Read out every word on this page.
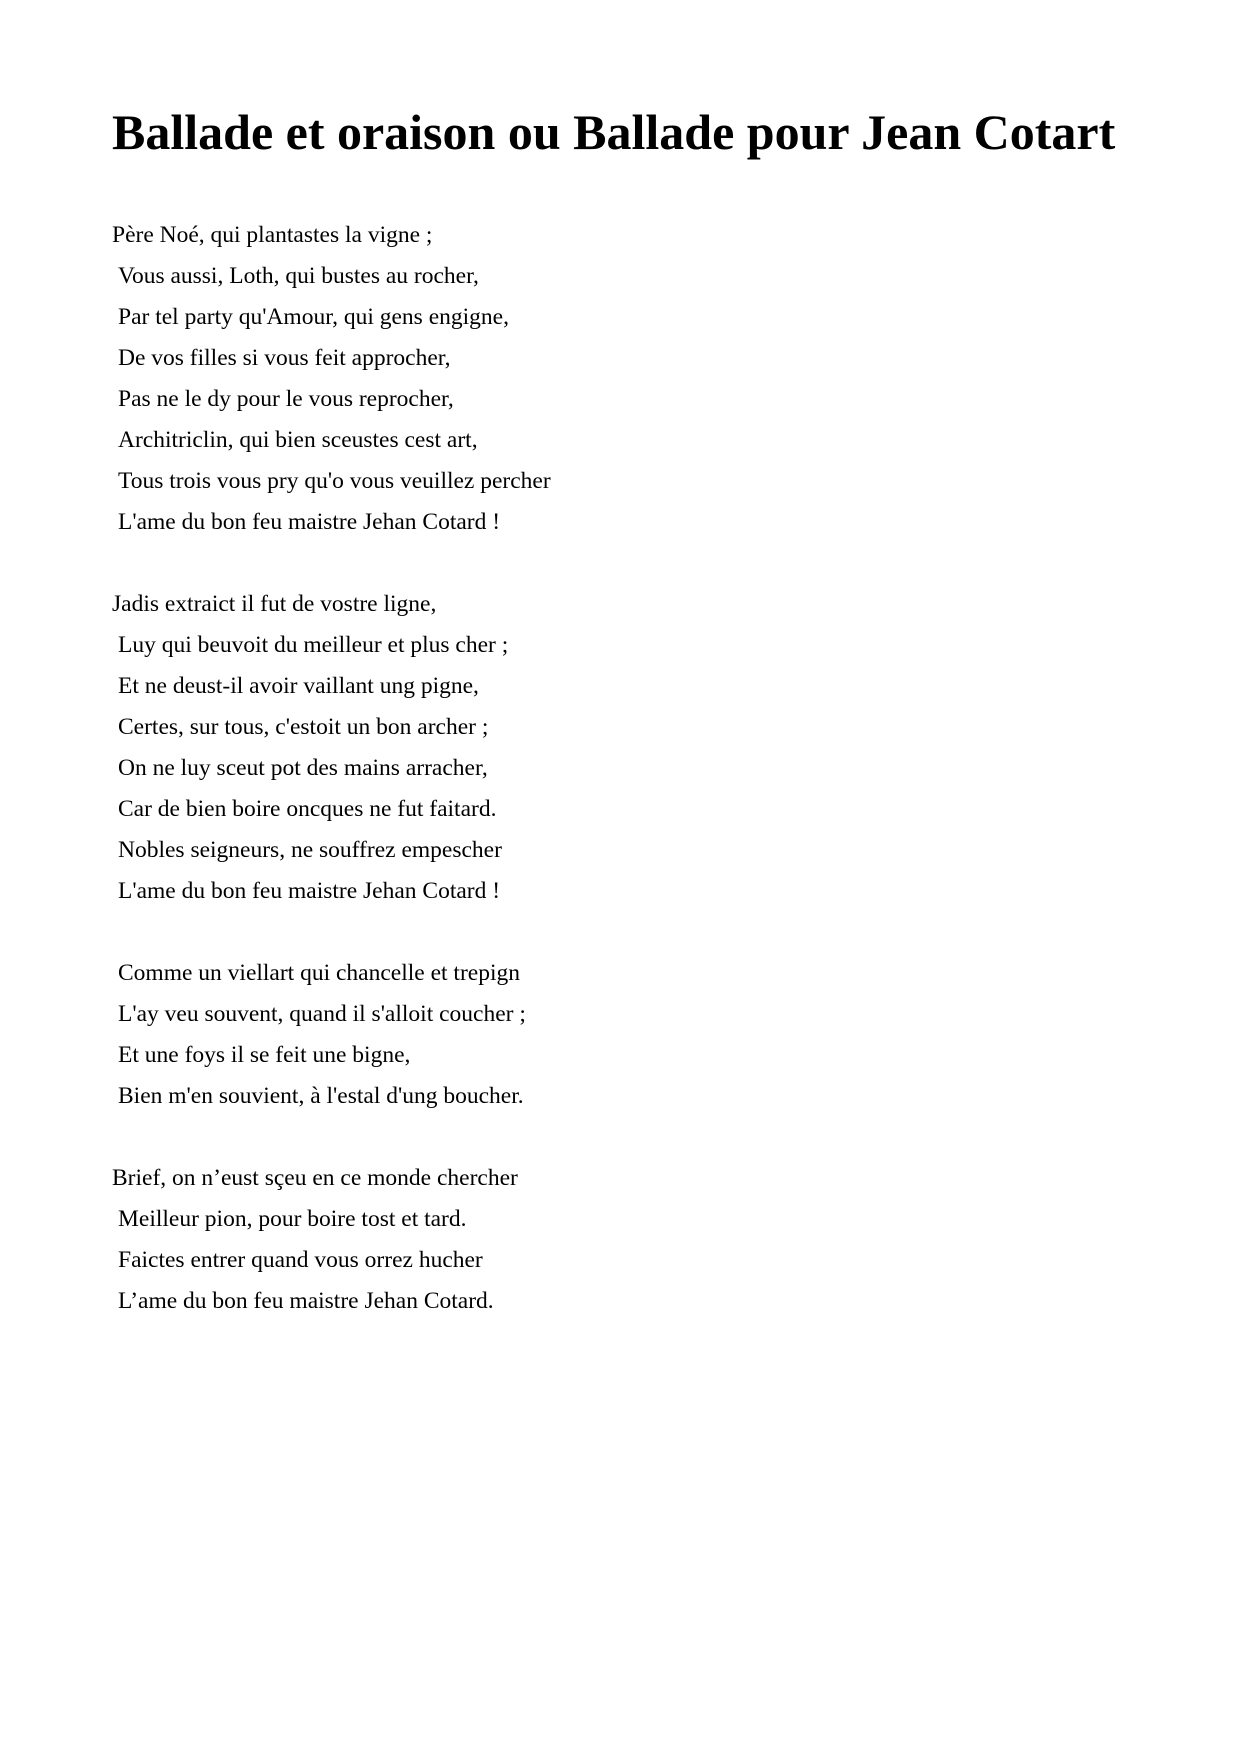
Ballade et oraison ou Ballade pour Jean Cotart
Père Noé, qui plantastes la vigne ;
Vous aussi, Loth, qui bustes au rocher,
Par tel party qu'Amour, qui gens engigne,
De vos filles si vous feit approcher,
Pas ne le dy pour le vous reprocher,
Architriclin, qui bien sceustes cest art,
Tous trois vous pry qu'o vous veuillez percher
L'ame du bon feu maistre Jehan Cotard !
Jadis extraict il fut de vostre ligne,
Luy qui beuvoit du meilleur et plus cher ;
Et ne deust-il avoir vaillant ung pigne,
Certes, sur tous, c'estoit un bon archer ;
On ne luy sceut pot des mains arracher,
Car de bien boire oncques ne fut faitard.
Nobles seigneurs, ne souffrez empescher
L'ame du bon feu maistre Jehan Cotard !
Comme un viellart qui chancelle et trepign
L'ay veu souvent, quand il s'alloit coucher ;
Et une foys il se feit une bigne,
Bien m'en souvient, à l'estal d'ung boucher.
Brief, on n’eust sçeu en ce monde chercher
Meilleur pion, pour boire tost et tard.
Faictes entrer quand vous orrez hucher
L’ame du bon feu maistre Jehan Cotard.
